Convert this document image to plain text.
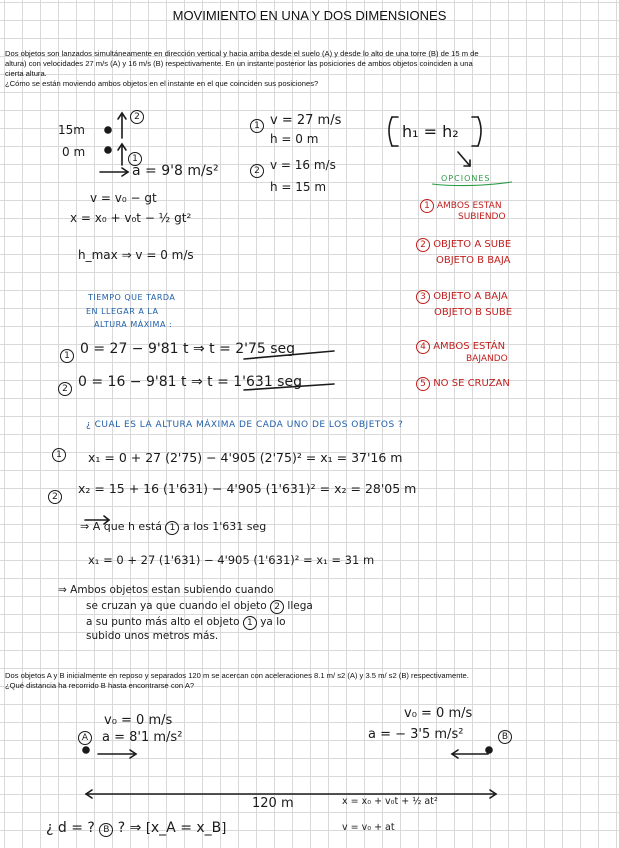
MOVIMIENTO EN UNA Y DOS DIMENSIONES
Dos objetos son lanzados simultáneamente en dirección vertical y hacia arriba desde el suelo (A) y desde lo alto de una torre (B) de 15 m de
altura) con velocidades 27 m/s (A) y 16 m/s (B) respectivamente. En un instante posterior las posiciones de ambos objetos coinciden a una
cierta altura.
¿Cómo se están moviendo ambos objetos en el instante en el que coinciden sus posiciones?
15m
0 m
2
1
a = 9'8 m/s²
v = v₀ − gt
x = x₀ + v₀t − ½ gt²
h_max ⇒ v = 0 m/s
1 v = 27 m/s
h = 0 m
2 v = 16 m/s
h = 15 m
h₁ = h₂
OPCIONES
1 AMBOS ESTAN
SUBIENDO
2 OBJETO A SUBE
OBJETO B BAJA
3 OBJETO A BAJA
OBJETO B SUBE
4 AMBOS ESTÁN
BAJANDO
5 NO SE CRUZAN
TIEMPO QUE TARDA
EN LLEGAR A LA
ALTURA MÁXIMA :
1 0 = 27 − 9'81 t ⇒ t = 2'75 seg
2 0 = 16 − 9'81 t ⇒ t = 1'631 seg
¿ CUAL ES LA ALTURA MÁXIMA DE CADA UNO DE LOS OBJETOS ?
1	x₁ = 0 + 27 (2'75) − 4'905 (2'75)² = x₁ = 37'16 m
2
x₂ = 15 + 16 (1'631) − 4'905 (1'631)² = x₂ = 28'05 m
⇒ A que h está 1 a los 1'631 seg
x₁ = 0 + 27 (1'631) − 4'905 (1'631)² = x₁ = 31 m
⇒ Ambos objetos estan subiendo cuando
se cruzan ya que cuando el objeto 2 llega
a su punto más alto el objeto 1 ya lo
subido unos metros más.
Dos objetos A y B inicialmente en reposo y separados 120 m se acercan con aceleraciones 8.1 m/ s2 (A) y 3.5 m/ s2 (B) respectivamente.
¿Qué distancia ha recorrido B hasta encontrarse con A?
v₀ = 0 m/s
A	a = 8'1 m/s²
v₀ = 0 m/s
B
a = − 3'5 m/s²
120 m	x = x₀ + v₀t + ½ at²
v = v₀ + at
¿ d = ? B ? ⇒ [x_A = x_B]
